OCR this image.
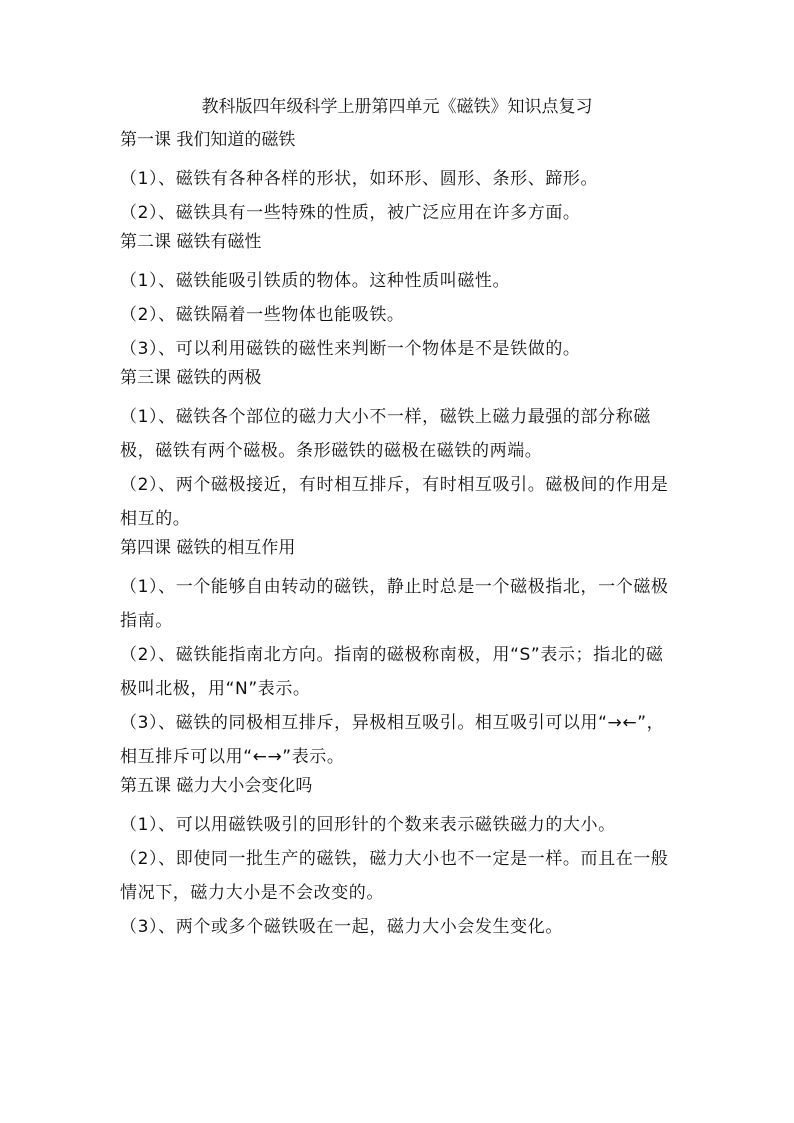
教科版四年级科学上册第四单元《磁铁》知识点复习
第一课 我们知道的磁铁
（1）、磁铁有各种各样的形状，如环形、圆形、条形、蹄形。
（2）、磁铁具有一些特殊的性质，被广泛应用在许多方面。
第二课 磁铁有磁性
（1）、磁铁能吸引铁质的物体。这种性质叫磁性。
（2）、磁铁隔着一些物体也能吸铁。
（3）、可以利用磁铁的磁性来判断一个物体是不是铁做的。
第三课 磁铁的两极
（1）、磁铁各个部位的磁力大小不一样，磁铁上磁力最强的部分称磁极，磁铁有两个磁极。条形磁铁的磁极在磁铁的两端。
（2）、两个磁极接近，有时相互排斥，有时相互吸引。磁极间的作用是相互的。
第四课 磁铁的相互作用
（1）、一个能够自由转动的磁铁，静止时总是一个磁极指北，一个磁极指南。
（2）、磁铁能指南北方向。指南的磁极称南极，用“S”表示；指北的磁极叫北极，用“N”表示。
（3）、磁铁的同极相互排斥，异极相互吸引。相互吸引可以用“→←”，相互排斥可以用“←→”表示。
第五课 磁力大小会变化吗
（1）、可以用磁铁吸引的回形针的个数来表示磁铁磁力的大小。
（2）、即使同一批生产的磁铁，磁力大小也不一定是一样。而且在一般情况下，磁力大小是不会改变的。
（3）、两个或多个磁铁吸在一起，磁力大小会发生变化。
